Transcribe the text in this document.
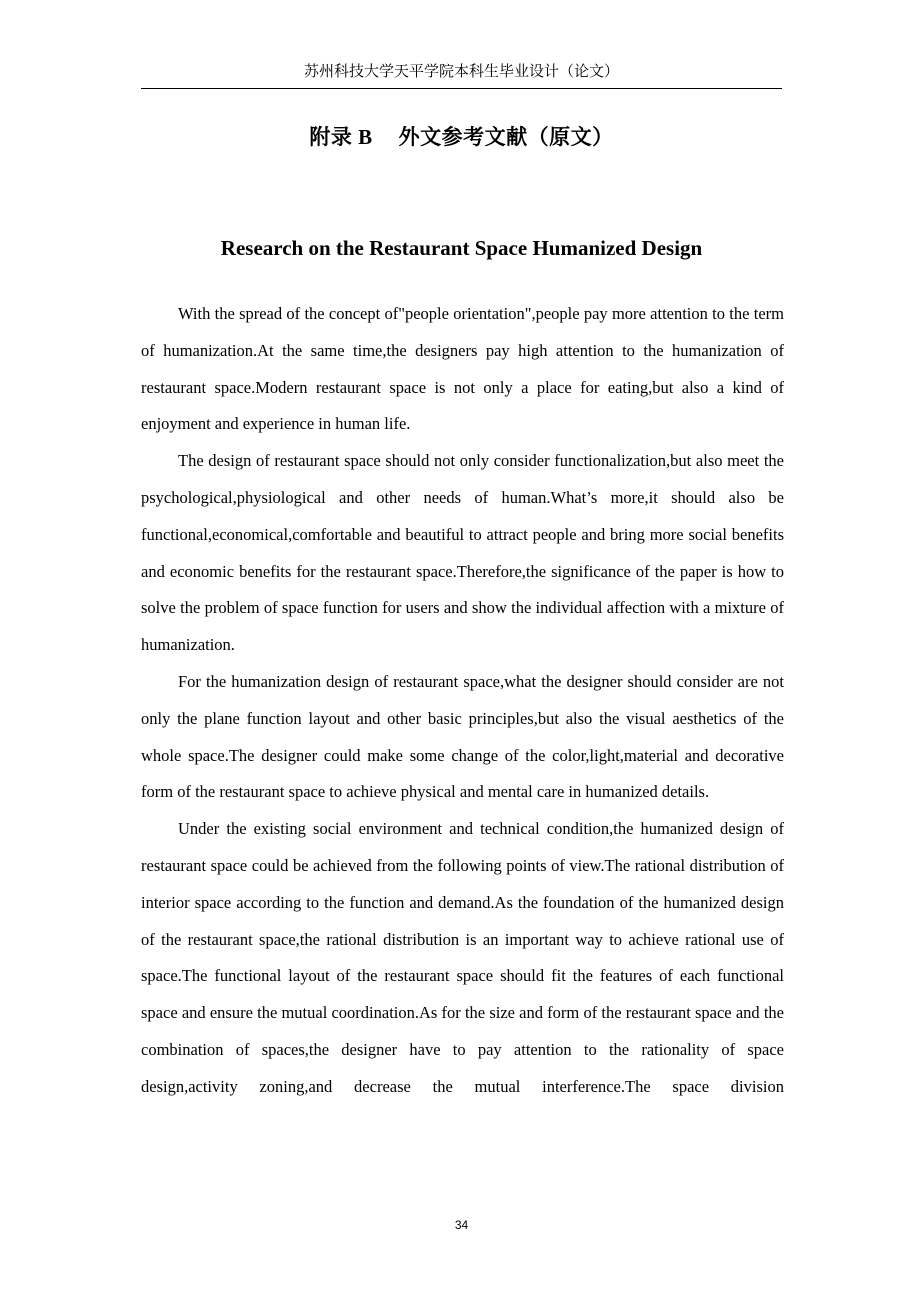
苏州科技大学天平学院本科生毕业设计（论文）
附录 B 外文参考文献（原文）
Research on the Restaurant Space Humanized Design

With the spread of the concept of"people orientation",people pay more attention to the term of humanization.At the same time,the designers pay high attention to the humanization of restaurant space.Modern restaurant space is not only a place for eating,but also a kind of enjoyment and experience in human life.

The design of restaurant space should not only consider functionalization,but also meet the psychological,physiological and other needs of human.What’s more,it should also be functional,economical,comfortable and beautiful to attract people and bring more social benefits and economic benefits for the restaurant space.Therefore,the significance of the paper is how to solve the problem of space function for users and show the individual affection with a mixture of humanization.

For the humanization design of restaurant space,what the designer should consider are not only the plane function layout and other basic principles,but also the visual aesthetics of the whole space.The designer could make some change of the color,light,material and decorative form of the restaurant space to achieve physical and mental care in humanized details.

Under the existing social environment and technical condition,the humanized design of restaurant space could be achieved from the following points of view.The rational distribution of interior space according to the function and demand.As the foundation of the humanized design of the restaurant space,the rational distribution is an important way to achieve rational use of space.The functional layout of the restaurant space should fit the features of each functional space and ensure the mutual coordination.As for the size and form of the restaurant space and the combination of spaces,the designer have to pay attention to the rationality of space design,activity zoning,and decrease the mutual interference.The space division

34
